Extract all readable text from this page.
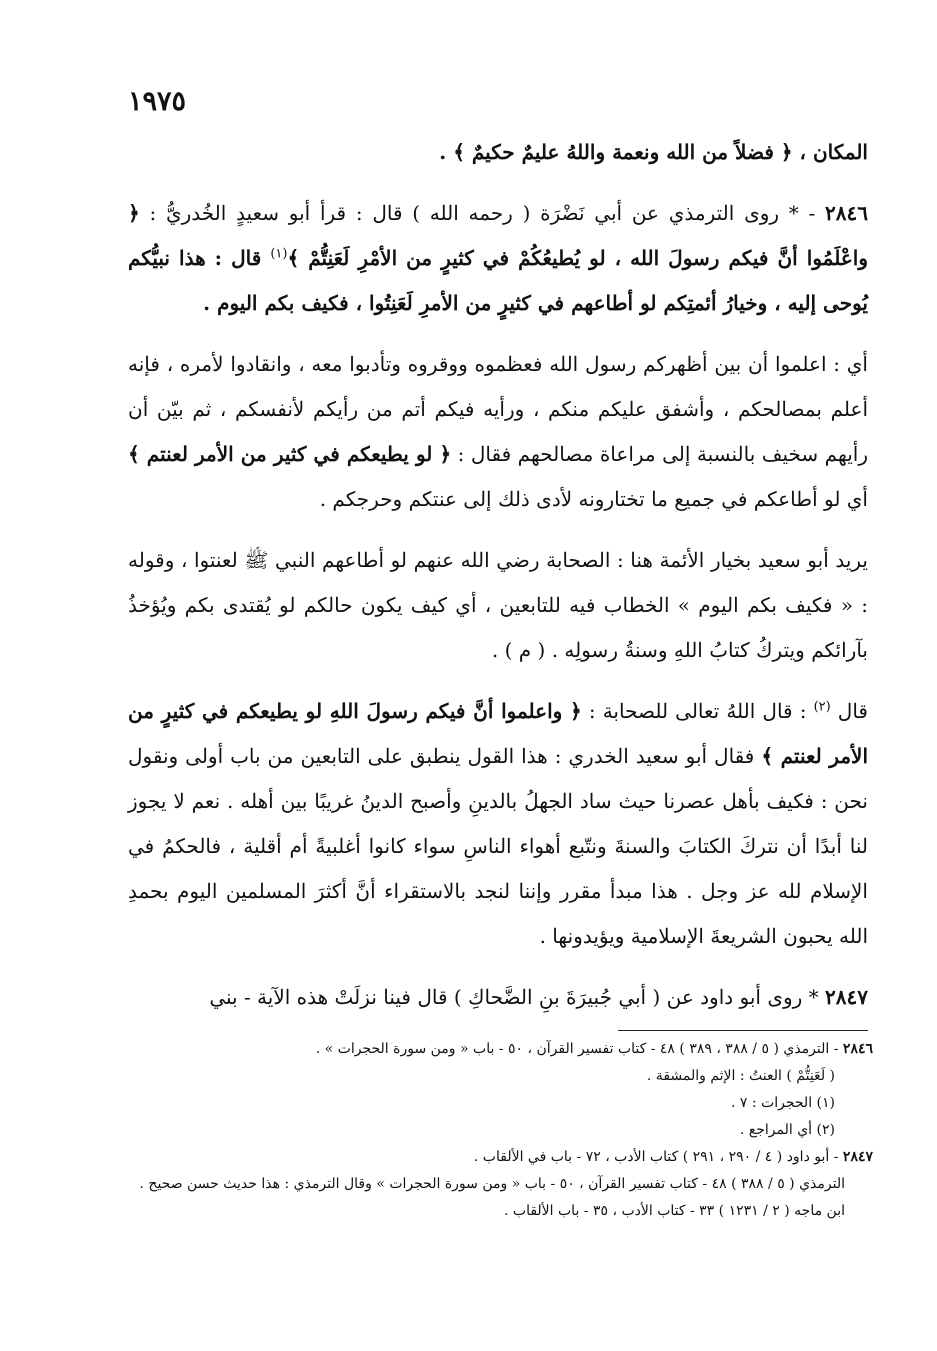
١٩٧٥

المكان ، ﴿ فضلاً من الله ونعمة واللهُ عليمٌ حكيمٌ ﴾ .

٢٨٤٦ - * روى الترمذي عن أبي نَضْرَة ( رحمه الله ) قال : قرأ أبو سعيدٍ الخُدريُّ : ﴿ واعْلَمُوا أنَّ فيكم رسولَ الله ، لو يُطيعُكُمْ في كثيرٍ من الأمْرِ لَعَنِتُّمْ ﴾$^{(١)}$ قال : هذا نبيُّكم يُوحى إليه ، وخيارُ أئمتِكم لو أطاعهم في كثيرٍ من الأمرِ لَعَنِتُوا ، فكيف بكم اليوم .

أي : اعلموا أن بين أظهركم رسول الله فعظموه ووقروه وتأدبوا معه ، وانقادوا لأمره ، فإنه أعلم بمصالحكم ، وأشفق عليكم منكم ، ورأيه فيكم أتم من رأيكم لأنفسكم ، ثم بيّن أن رأيهم سخيف بالنسبة إلى مراعاة مصالحهم فقال : ﴿ لو يطيعكم في كثير من الأمر لعنتم ﴾ أي لو أطاعكم في جميع ما تختارونه لأدى ذلك إلى عنتكم وحرجكم .

يريد أبو سعيد بخيار الأئمة هنا : الصحابة رضي الله عنهم لو أطاعهم النبي ﷺ لعنتوا ، وقوله : « فكيف بكم اليوم » الخطاب فيه للتابعين ، أي كيف يكون حالكم لو يُقتدى بكم ويُؤخذُ بآرائكم ويتركُ كتابُ اللهِ وسنةُ رسولِه . ( م ) .

قال $^{(٢)}$ : قال اللهُ تعالى للصحابة : ﴿ واعلموا أنَّ فيكم رسولَ اللهِ لو يطيعكم في كثيرٍ من الأمر لعنتم ﴾ فقال أبو سعيد الخدري : هذا القول ينطبق على التابعين من باب أولى ونقول نحن : فكيف بأهل عصرنا حيث ساد الجهلُ بالدينِ وأصبح الدينُ غريبًا بين أهله . نعم لا يجوز لنا أبدًا أن نتركَ الكتابَ والسنةَ ونتّبع أهواء الناسِ سواء كانوا أغلبيةً أم أقلية ، فالحكمُ في الإسلام لله عز وجل . هذا مبدأ مقرر وإننا لنجد بالاستقراء أنَّ أكثرَ المسلمين اليوم بحمدِ الله يحبون الشريعةَ الإسلامية ويؤيدونها .

٢٨٤٧ * روى أبو داود عن ( أبي جُبيرَةَ بنِ الضَّحاكِ ) قال فينا نزلَتْ هذه الآية - بني

٢٨٤٦ - الترمذي ( ٥ / ٣٨٨ ، ٣٨٩ ) ٤٨ - كتاب تفسير القرآن ، ٥٠ - باب « ومن سورة الحجرات » .
( لَعَنِتُّمْ ) العنتُ : الإثم والمشقة .
(١) الحجرات : ٧ .
(٢) أي المراجع .
٢٨٤٧ - أبو داود ( ٤ / ٢٩٠ ، ٢٩١ ) كتاب الأدب ، ٧٢ - باب في الألقاب .
الترمذي ( ٥ / ٣٨٨ ) ٤٨ - كتاب تفسير القرآن ، ٥٠ - باب « ومن سورة الحجرات » وقال الترمذي : هذا حديث حسن صحيح .
ابن ماجه ( ٢ / ١٢٣١ ) ٣٣ - كتاب الأدب ، ٣٥ - باب الألقاب .
